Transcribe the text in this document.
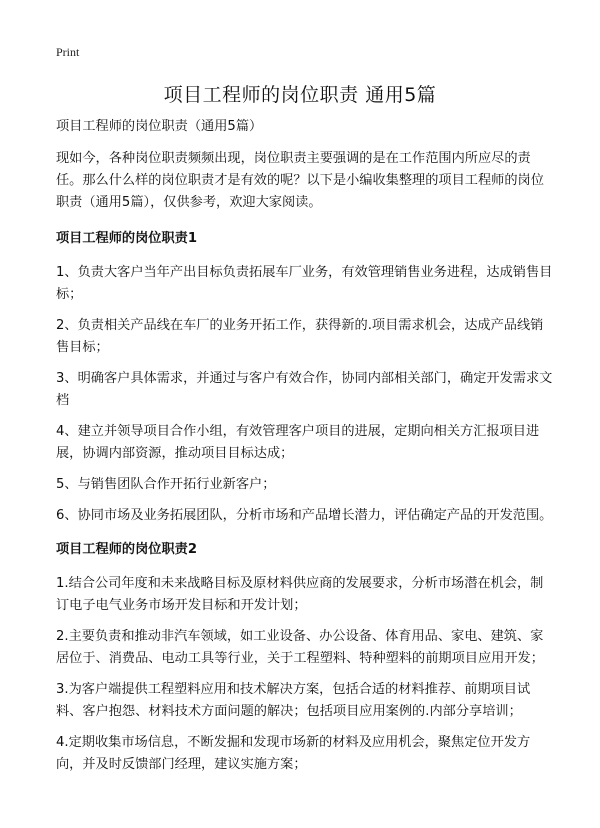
Print
项目工程师的岗位职责 通用5篇

项目工程师的岗位职责（通用5篇）

现如今，各种岗位职责频频出现，岗位职责主要强调的是在工作范围内所应尽的责任。那么什么样的岗位职责才是有效的呢？以下是小编收集整理的项目工程师的岗位职责（通用5篇），仅供参考，欢迎大家阅读。

项目工程师的岗位职责1

1、负责大客户当年产出目标负责拓展车厂业务，有效管理销售业务进程，达成销售目标；

2、负责相关产品线在车厂的业务开拓工作，获得新的.项目需求机会，达成产品线销售目标；

3、明确客户具体需求，并通过与客户有效合作，协同内部相关部门，确定开发需求文档

4、建立并领导项目合作小组，有效管理客户项目的进展，定期向相关方汇报项目进展，协调内部资源，推动项目目标达成；

5、与销售团队合作开拓行业新客户；

6、协同市场及业务拓展团队，分析市场和产品增长潜力，评估确定产品的开发范围。

项目工程师的岗位职责2

1.结合公司年度和未来战略目标及原材料供应商的发展要求，分析市场潜在机会，制订电子电气业务市场开发目标和开发计划；

2.主要负责和推动非汽车领域，如工业设备、办公设备、体育用品、家电、建筑、家居位于、消费品、电动工具等行业，关于工程塑料、特种塑料的前期项目应用开发；

3.为客户端提供工程塑料应用和技术解决方案，包括合适的材料推荐、前期项目试料、客户抱怨、材料技术方面问题的解决；包括项目应用案例的.内部分享培训；

4.定期收集市场信息，不断发掘和发现市场新的材料及应用机会，聚焦定位开发方向，并及时反馈部门经理，建议实施方案；
